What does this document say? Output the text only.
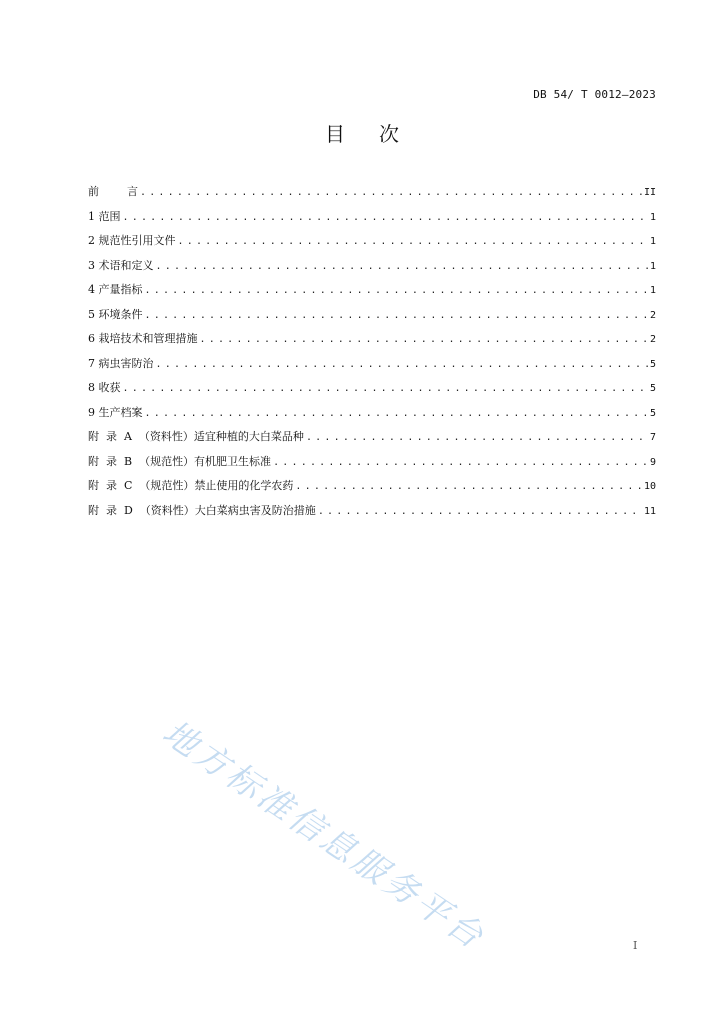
DB 54/ T 0012—2023
目次
前        言 .....	II
1 范围 .....	1
2 规范性引用文件 .....	1
3 术语和定义 .....	1
4 产量指标 .....	1
5 环境条件 .....	2
6 栽培技术和管理措施 .....	2
7 病虫害防治 .....	5
8 收获 .....	5
9 生产档案 .....	5
附  录  A  （资料性）适宜种植的大白菜品种 .....	7
附  录  B  （规范性）有机肥卫生标准 .....	9
附  录  C  （规范性）禁止使用的化学农药 .....	10
附  录  D  （资料性）大白菜病虫害及防治措施 .....	11
地方标准信息服务平台	I
